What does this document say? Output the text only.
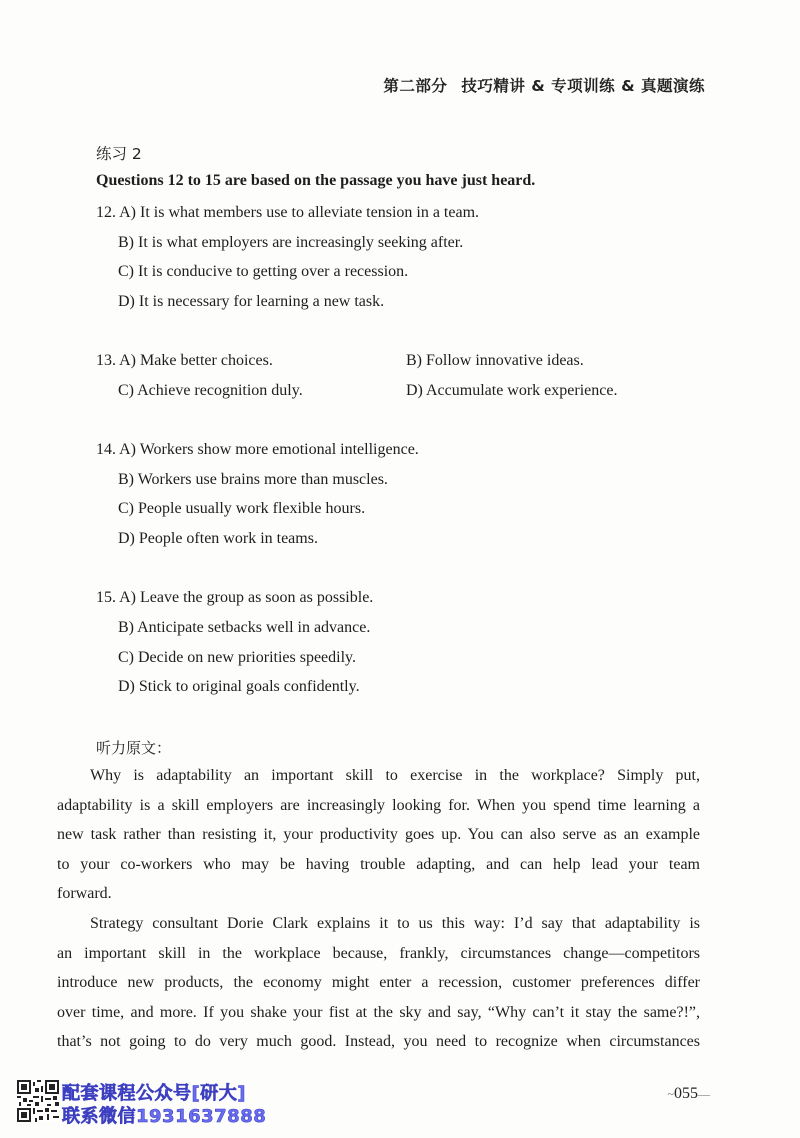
第二部分 技巧精讲 & 专项训练 & 真题演练
练习 2
Questions 12 to 15 are based on the passage you have just heard.
12. A) It is what members use to alleviate tension in a team.
B) It is what employers are increasingly seeking after.
C) It is conducive to getting over a recession.
D) It is necessary for learning a new task.
13. A) Make better choices.	B) Follow innovative ideas.
C) Achieve recognition duly.	D) Accumulate work experience.
14. A) Workers show more emotional intelligence.
B) Workers use brains more than muscles.
C) People usually work flexible hours.
D) People often work in teams.
15. A) Leave the group as soon as possible.
B) Anticipate setbacks well in advance.
C) Decide on new priorities speedily.
D) Stick to original goals confidently.
听力原文：
Why is adaptability an important skill to exercise in the workplace? Simply put,
adaptability is a skill employers are increasingly looking for. When you spend time learning a
new task rather than resisting it, your productivity goes up. You can also serve as an example
to your co-workers who may be having trouble adapting, and can help lead your team
forward.
Strategy consultant Dorie Clark explains it to us this way: I’d say that adaptability is
an important skill in the workplace because, frankly, circumstances change—competitors
introduce new products, the economy might enter a recession, customer preferences differ
over time, and more. If you shake your fist at the sky and say, “Why can’t it stay the same?!”,
that’s not going to do very much good. Instead, you need to recognize when circumstances
配套课程公众号[研大]
联系微信1931637888
~055—
